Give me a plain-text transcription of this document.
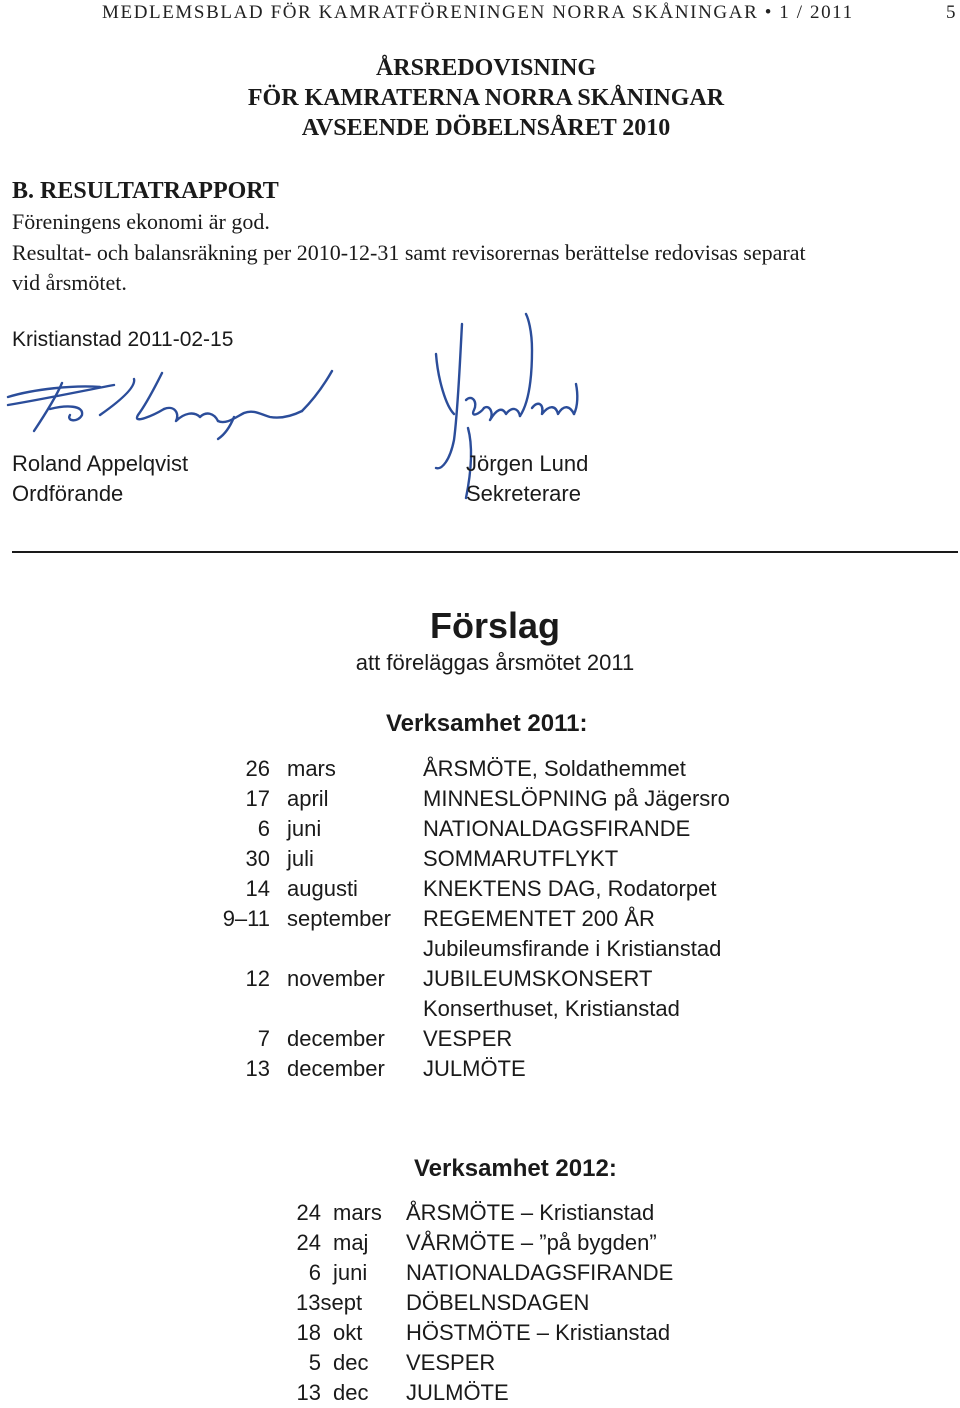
MEDLEMSBLAD FÖR KAMRATFÖRENINGEN NORRA SKÅNINGAR • 1 / 2011	5
ÅRSREDOVISNING
FÖR KAMRATERNA NORRA SKÅNINGAR
AVSEENDE DÖBELNSÅRET 2010
B. RESULTATRAPPORT
Föreningens ekonomi är god.
Resultat- och balansräkning per 2010-12-31 samt revisorernas berättelse redovisas separat
vid årsmötet.
Kristianstad 2011-02-15
Roland Appelqvist
Ordförande
Jörgen Lund
Sekreterare
Förslag
att föreläggas årsmötet 2011
Verksamhet 2011:
26 mars	ÅRSMÖTE, Soldathemmet
17 april	MINNESLÖPNING på Jägersro
6 juni	NATIONALDAGSFIRANDE
30 juli	SOMMARUTFLYKT
14 augusti	KNEKTENS DAG, Rodatorpet
9–11 september REGEMENTET 200 ÅR
Jubileumsfirande i Kristianstad
12 november JUBILEUMSKONSERT
Konserthuset, Kristianstad
7 december VESPER
13 december JULMÖTE
Verksamhet 2012:
24 mars ÅRSMÖTE – Kristianstad
24 maj VÅRMÖTE – ”på bygden”
6 juni NATIONALDAGSFIRANDE
13sept DÖBELNSDAGEN
18 okt HÖSTMÖTE – Kristianstad
5 dec VESPER
13 dec JULMÖTE
